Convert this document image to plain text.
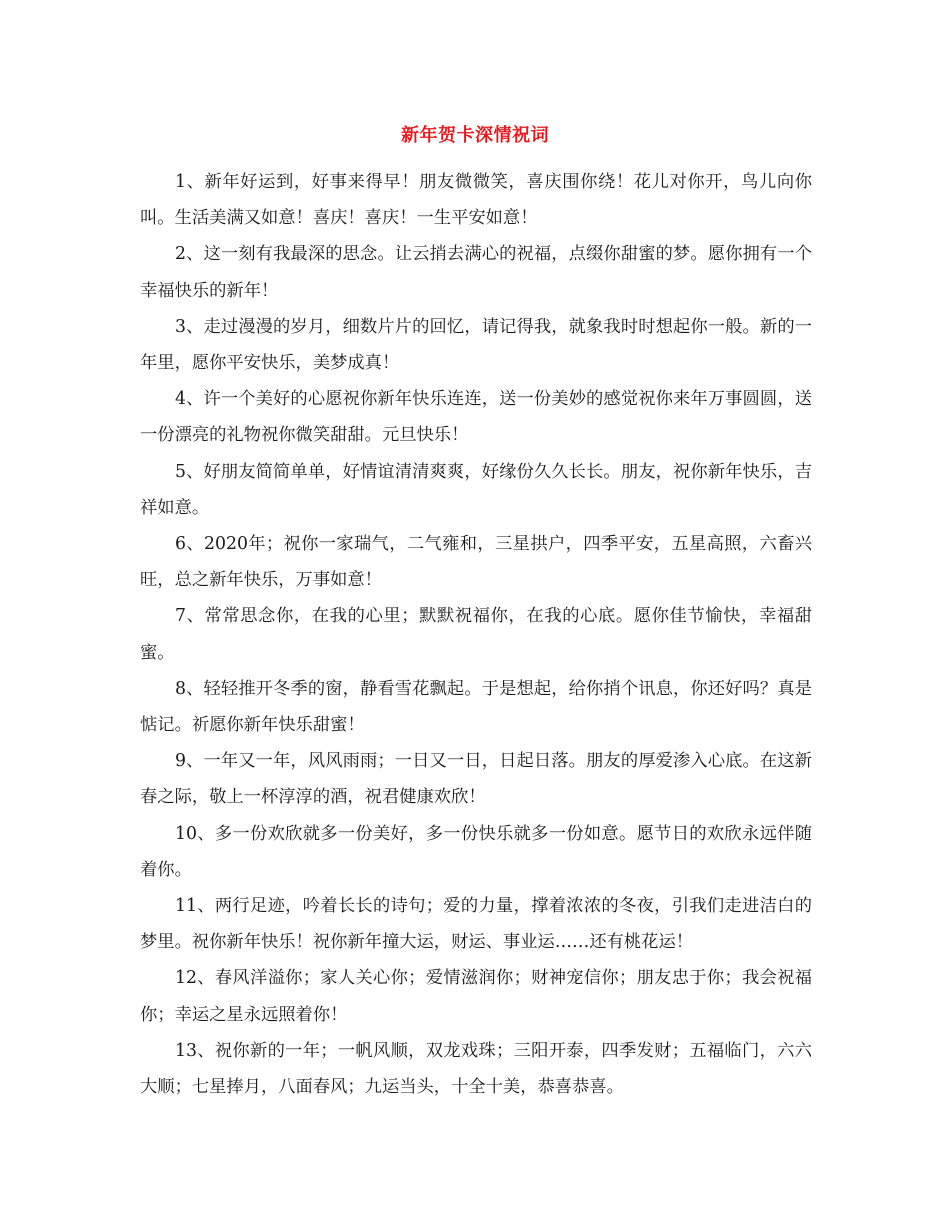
新年贺卡深情祝词

1、新年好运到，好事来得早！朋友微微笑，喜庆围你绕！花儿对你开，鸟儿向你叫。生活美满又如意！喜庆！喜庆！一生平安如意！

2、这一刻有我最深的思念。让云捎去满心的祝福，点缀你甜蜜的梦。愿你拥有一个幸福快乐的新年！

3、走过漫漫的岁月，细数片片的回忆，请记得我，就象我时时想起你一般。新的一年里，愿你平安快乐，美梦成真！

4、许一个美好的心愿祝你新年快乐连连，送一份美妙的感觉祝你来年万事圆圆，送一份漂亮的礼物祝你微笑甜甜。元旦快乐！

5、好朋友简简单单，好情谊清清爽爽，好缘份久久长长。朋友，祝你新年快乐，吉祥如意。

6、2020年；祝你一家瑞气，二气雍和，三星拱户，四季平安，五星高照，六畜兴旺，总之新年快乐，万事如意！

7、常常思念你，在我的心里；默默祝福你，在我的心底。愿你佳节愉快，幸福甜蜜。

8、轻轻推开冬季的窗，静看雪花飘起。于是想起，给你捎个讯息，你还好吗？真是惦记。祈愿你新年快乐甜蜜！

9、一年又一年，风风雨雨；一日又一日，日起日落。朋友的厚爱渗入心底。在这新春之际，敬上一杯淳淳的酒，祝君健康欢欣！

10、多一份欢欣就多一份美好，多一份快乐就多一份如意。愿节日的欢欣永远伴随着你。

11、两行足迹，吟着长长的诗句；爱的力量，撑着浓浓的冬夜，引我们走进洁白的梦里。祝你新年快乐！祝你新年撞大运，财运、事业运……还有桃花运！

12、春风洋溢你；家人关心你；爱情滋润你；财神宠信你；朋友忠于你；我会祝福你；幸运之星永远照着你！

13、祝你新的一年；一帆风顺，双龙戏珠；三阳开泰，四季发财；五福临门，六六大顺；七星捧月，八面春风；九运当头，十全十美，恭喜恭喜。
